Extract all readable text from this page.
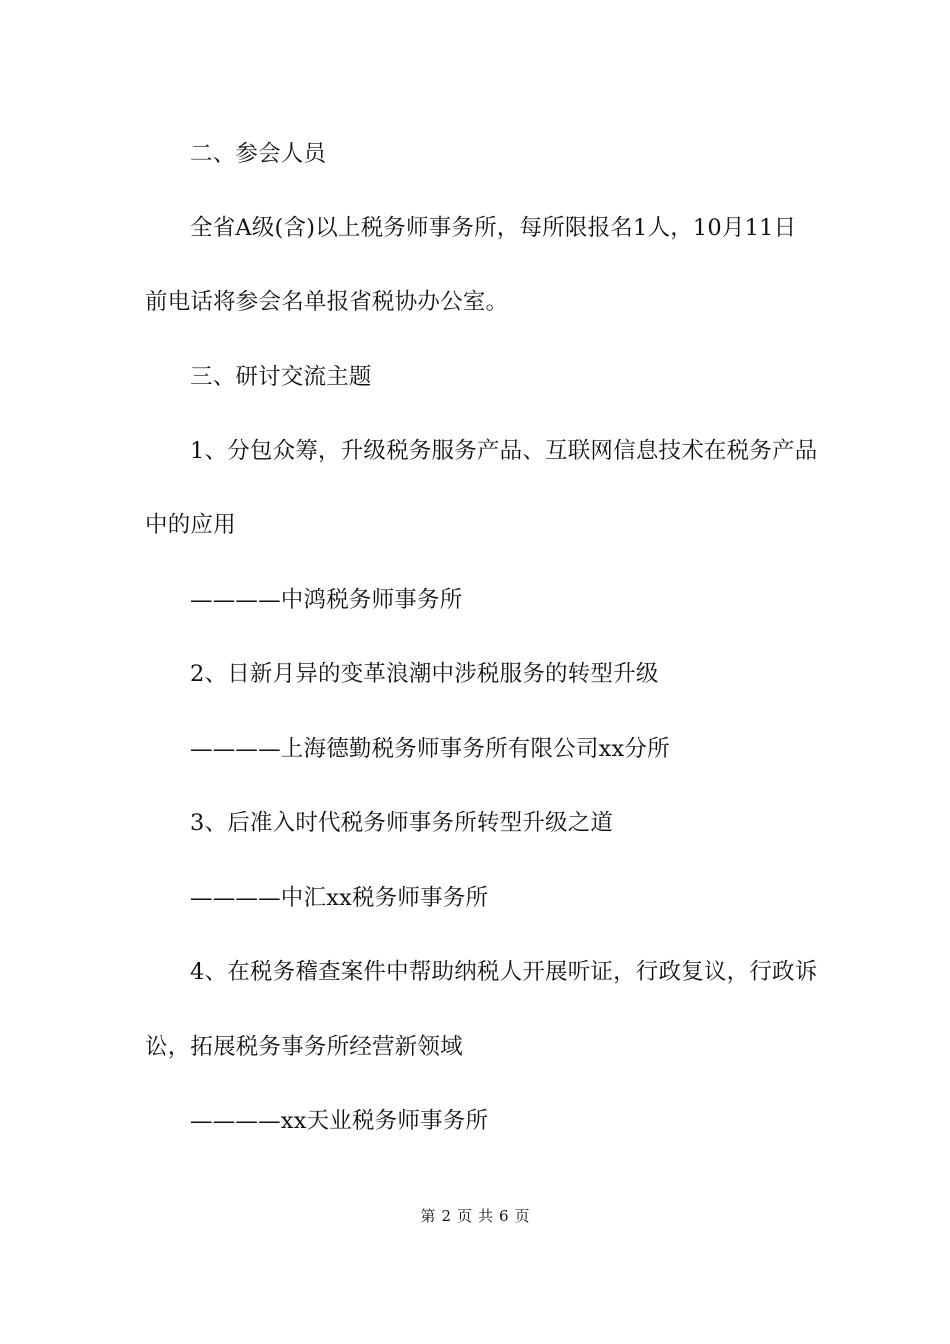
二、参会人员
全省A级(含)以上税务师事务所，每所限报名1人，10月11日
前电话将参会名单报省税协办公室。
三、研讨交流主题
1、分包众筹，升级税务服务产品、互联网信息技术在税务产品
中的应用
————中鸿税务师事务所
2、日新月异的变革浪潮中涉税服务的转型升级
————上海德勤税务师事务所有限公司xx分所
3、后准入时代税务师事务所转型升级之道
————中汇xx税务师事务所
4、在税务稽查案件中帮助纳税人开展听证，行政复议，行政诉
讼，拓展税务事务所经营新领域
————xx天业税务师事务所
第 2 页 共 6 页
